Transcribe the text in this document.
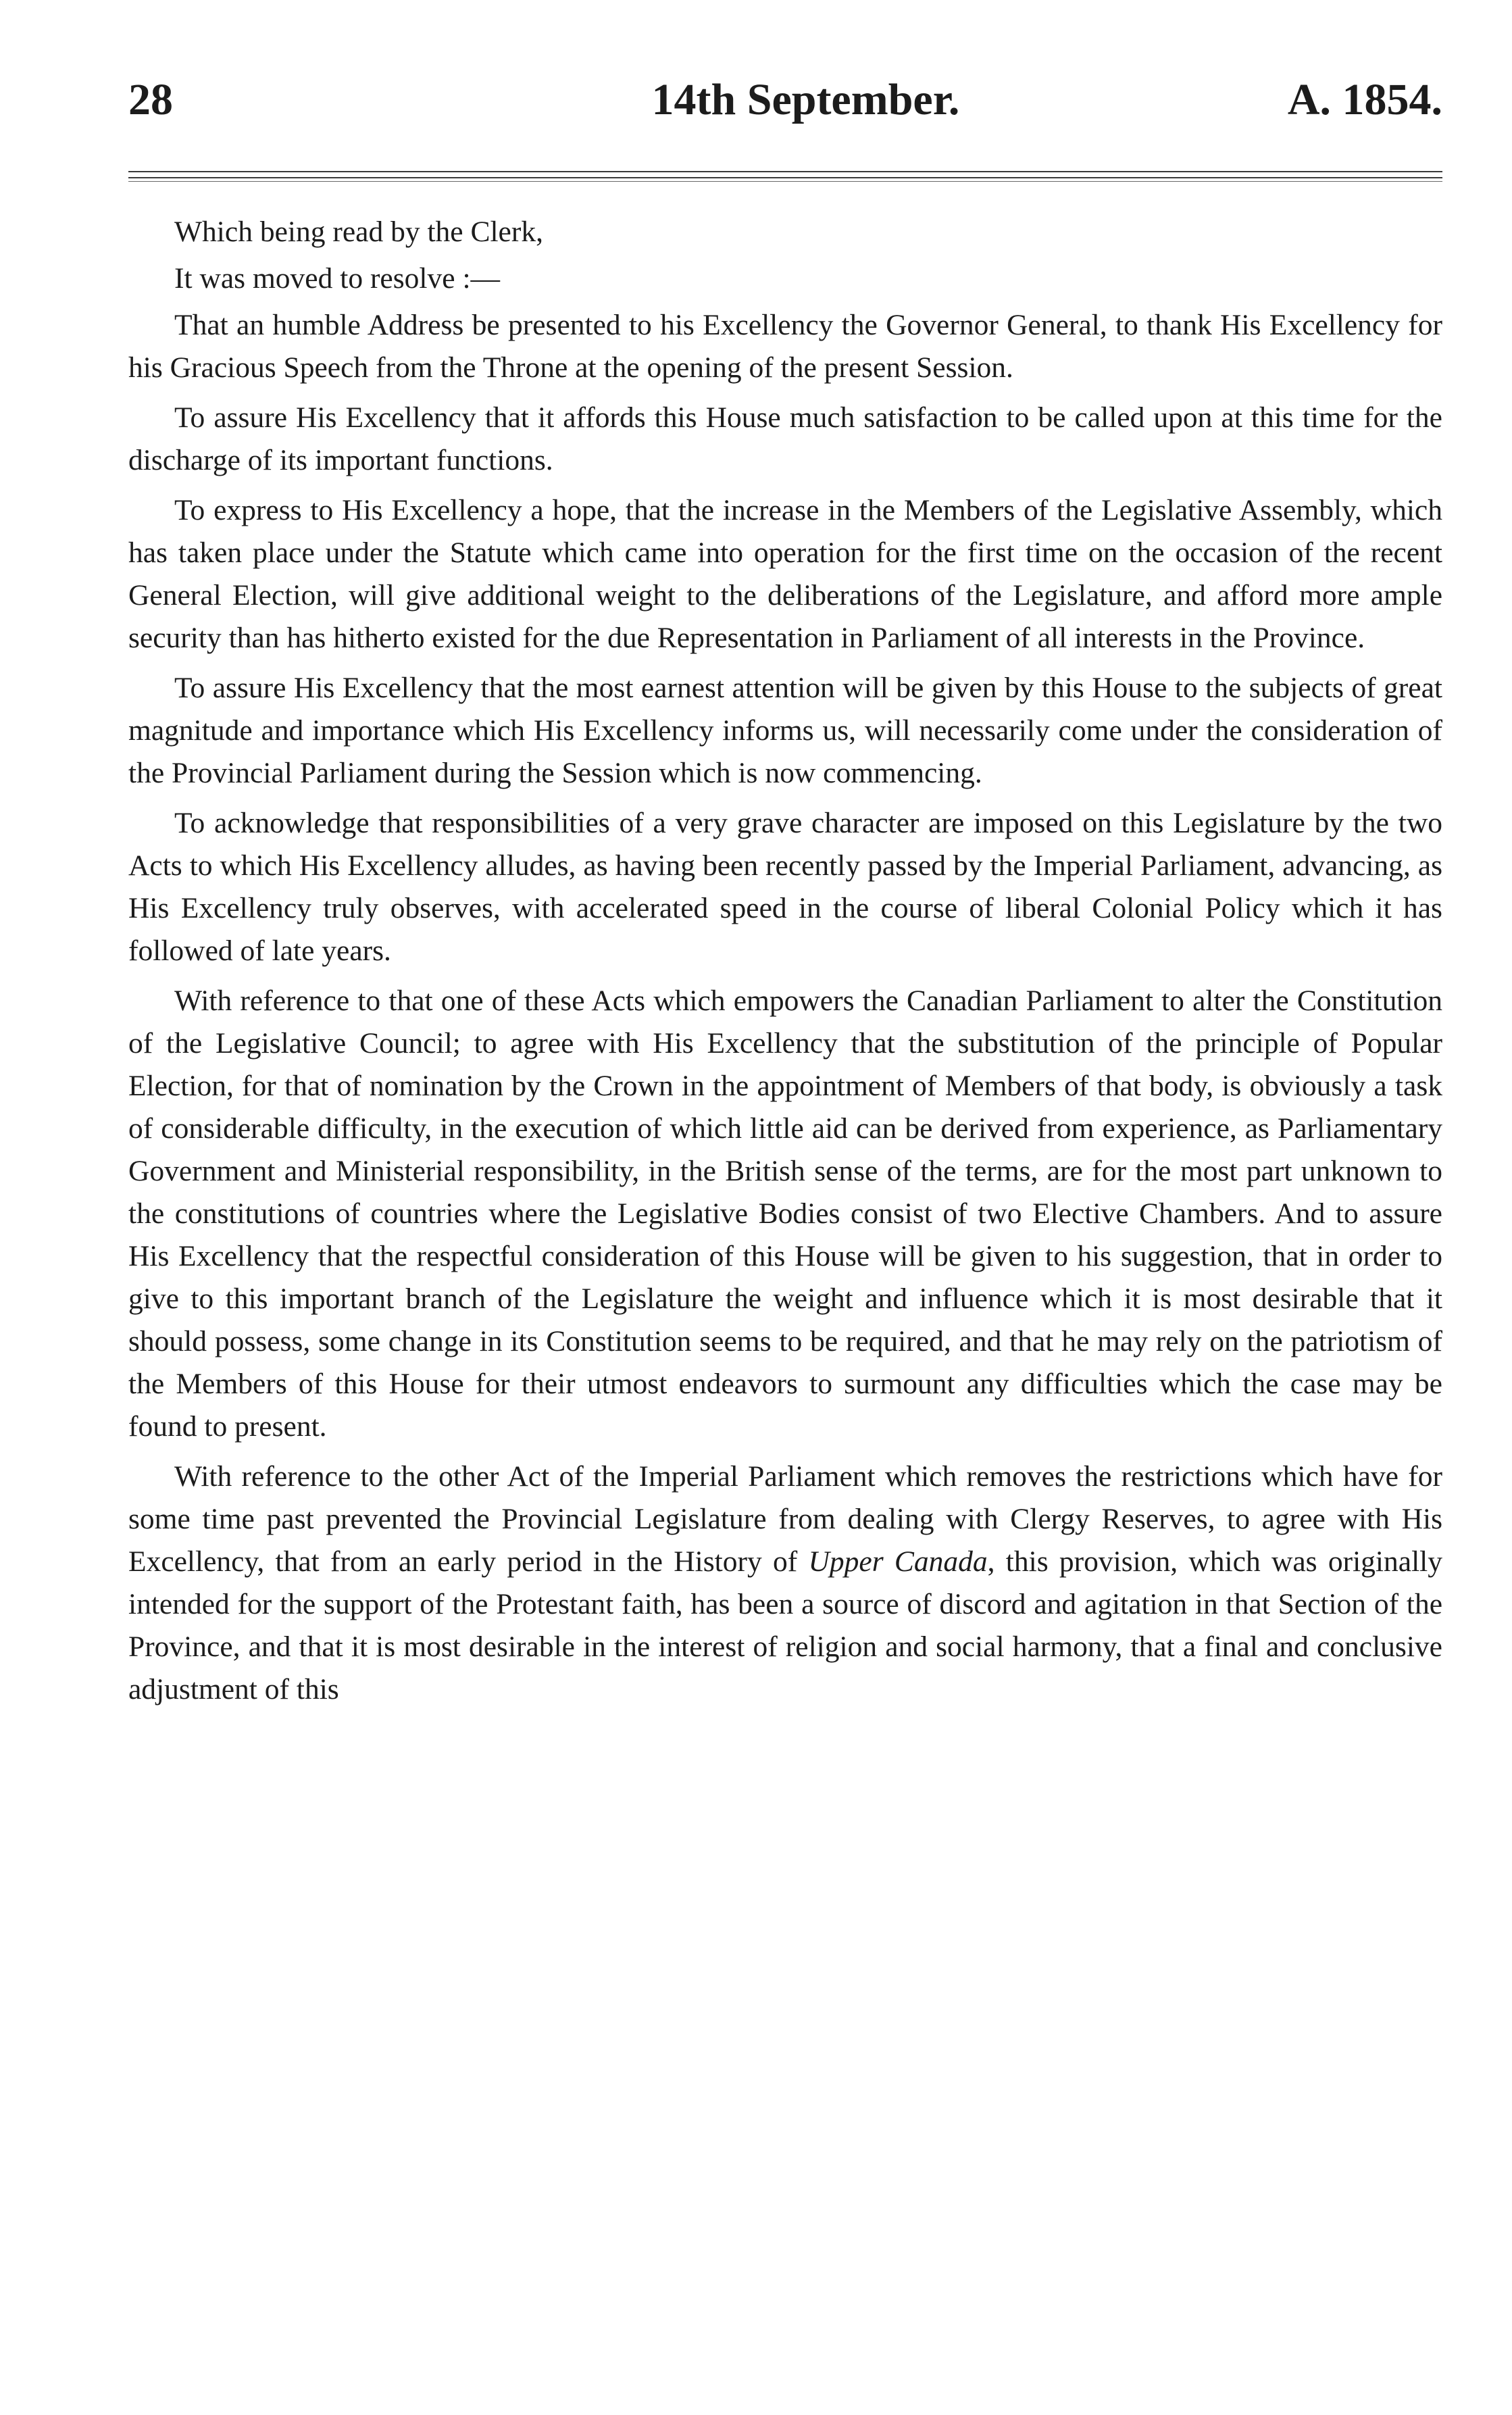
28	14th September.	A. 1854.

Which being read by the Clerk,

It was moved to resolve :—

That an humble Address be presented to his Excellency the Governor General, to thank His Excellency for his Gracious Speech from the Throne at the opening of the present Session.

To assure His Excellency that it affords this House much satisfaction to be called upon at this time for the discharge of its important functions.

To express to His Excellency a hope, that the increase in the Members of the Legislative Assembly, which has taken place under the Statute which came into operation for the first time on the occasion of the recent General Election, will give additional weight to the deliberations of the Legislature, and afford more ample security than has hitherto existed for the due Representation in Parliament of all interests in the Province.

To assure His Excellency that the most earnest attention will be given by this House to the subjects of great magnitude and importance which His Excellency informs us, will necessarily come under the consideration of the Provincial Parliament during the Session which is now commencing.

To acknowledge that responsibilities of a very grave character are imposed on this Legislature by the two Acts to which His Excellency alludes, as having been recently passed by the Imperial Parliament, advancing, as His Excellency truly observes, with accelerated speed in the course of liberal Colonial Policy which it has followed of late years.

With reference to that one of these Acts which empowers the Canadian Parliament to alter the Constitution of the Legislative Council; to agree with His Excellency that the substitution of the principle of Popular Election, for that of nomination by the Crown in the appointment of Members of that body, is obviously a task of considerable difficulty, in the execution of which little aid can be derived from experience, as Parliamentary Government and Ministerial responsibility, in the British sense of the terms, are for the most part unknown to the constitutions of countries where the Legislative Bodies consist of two Elective Chambers. And to assure His Excellency that the respectful consideration of this House will be given to his suggestion, that in order to give to this important branch of the Legislature the weight and influence which it is most desirable that it should possess, some change in its Constitution seems to be required, and that he may rely on the patriotism of the Members of this House for their utmost endeavors to surmount any difficulties which the case may be found to present.

With reference to the other Act of the Imperial Parliament which removes the restrictions which have for some time past prevented the Provincial Legislature from dealing with Clergy Reserves, to agree with His Excellency, that from an early period in the History of Upper Canada, this provision, which was originally intended for the support of the Protestant faith, has been a source of discord and agitation in that Section of the Province, and that it is most desirable in the interest of religion and social harmony, that a final and conclusive adjustment of this
